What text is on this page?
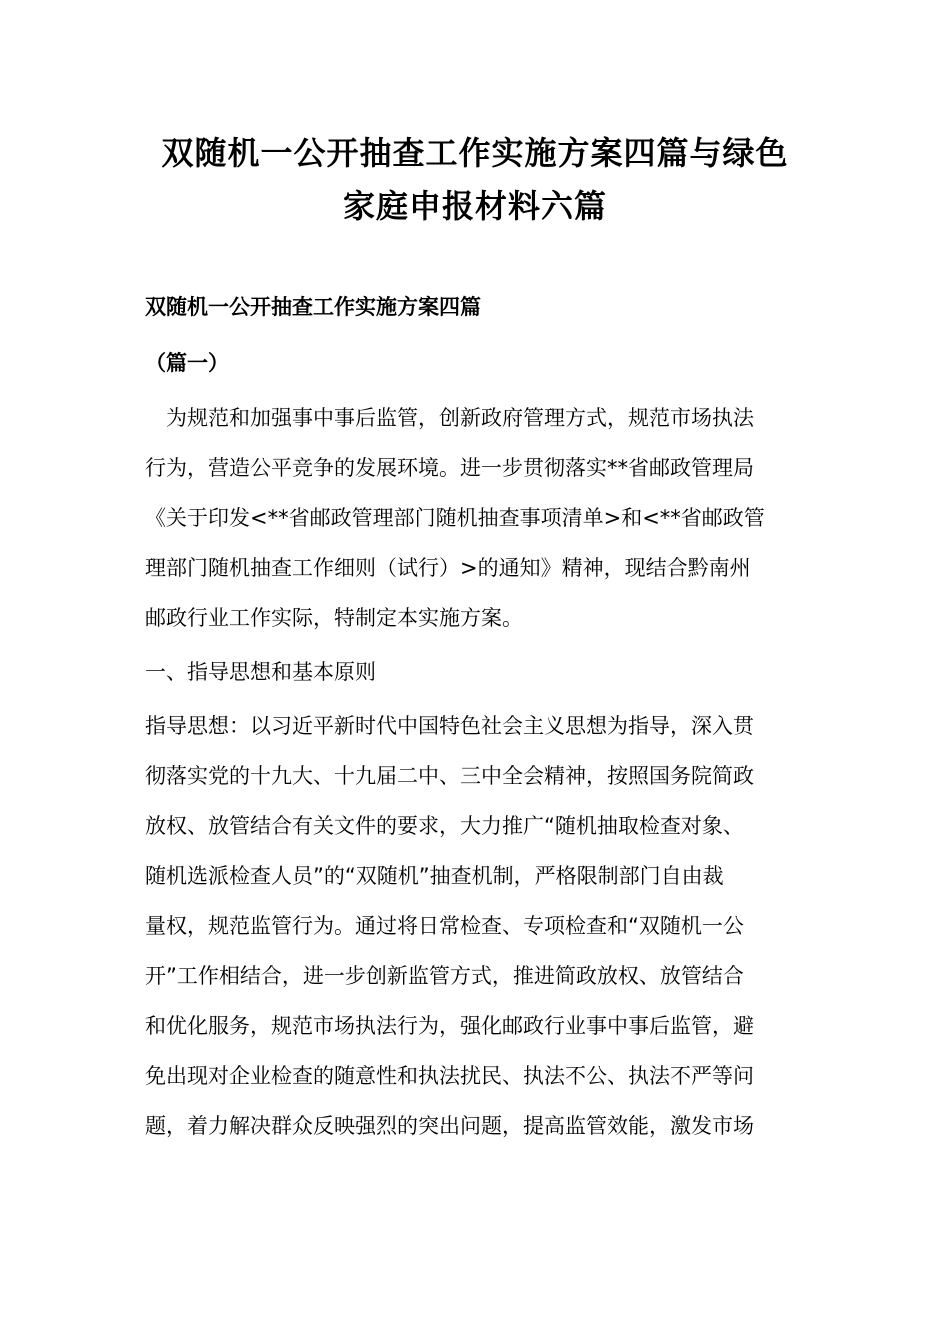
双随机一公开抽查工作实施方案四篇与绿色
家庭申报材料六篇
双随机一公开抽查工作实施方案四篇
（篇一）

　为规范和加强事中事后监管，创新政府管理方式，规范市场执法
行为，营造公平竞争的发展环境。进一步贯彻落实**省邮政管理局
《关于印发<**省邮政管理部门随机抽查事项清单>和<**省邮政管
理部门随机抽查工作细则（试行）>的通知》精神，现结合黔南州
邮政行业工作实际，特制定本实施方案。

一、指导思想和基本原则

指导思想：以习近平新时代中国特色社会主义思想为指导，深入贯
彻落实党的十九大、十九届二中、三中全会精神，按照国务院简政
放权、放管结合有关文件的要求，大力推广“随机抽取检查对象、
随机选派检查人员”的“双随机”抽查机制，严格限制部门自由裁
量权，规范监管行为。通过将日常检查、专项检查和“双随机一公
开”工作相结合，进一步创新监管方式，推进简政放权、放管结合
和优化服务，规范市场执法行为，强化邮政行业事中事后监管，避
免出现对企业检查的随意性和执法扰民、执法不公、执法不严等问
题，着力解决群众反映强烈的突出问题，提高监管效能，激发市场
